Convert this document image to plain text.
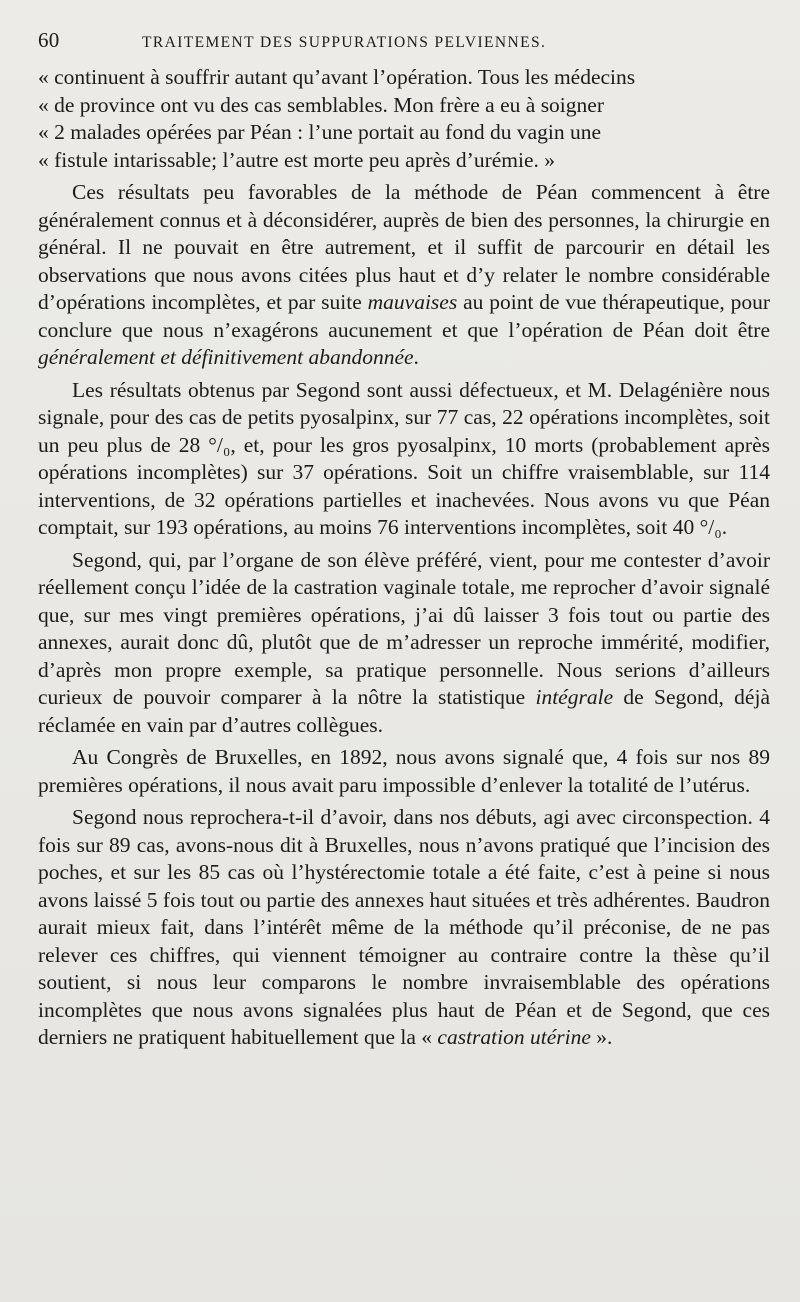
60	TRAITEMENT DES SUPPURATIONS PELVIENNES.

« continuent à souffrir autant qu’avant l’opération. Tous les médecins

« de province ont vu des cas semblables. Mon frère a eu à soigner

« 2 malades opérées par Péan : l’une portait au fond du vagin une

« fistule intarissable; l’autre est morte peu après d’urémie. »

Ces résultats peu favorables de la méthode de Péan commencent à être généralement connus et à déconsidérer, auprès de bien des personnes, la chirurgie en général. Il ne pouvait en être autrement, et il suffit de parcourir en détail les observations que nous avons citées plus haut et d’y relater le nombre considérable d’opérations incomplètes, et par suite mauvaises au point de vue thérapeutique, pour conclure que nous n’exagérons aucunement et que l’opération de Péan doit être généralement et définitivement abandonnée.

Les résultats obtenus par Segond sont aussi défectueux, et M. Delagénière nous signale, pour des cas de petits pyosalpinx, sur 77 cas, 22 opérations incomplètes, soit un peu plus de 28 °/₀, et, pour les gros pyosalpinx, 10 morts (probablement après opérations incomplètes) sur 37 opérations. Soit un chiffre vraisemblable, sur 114 interventions, de 32 opérations partielles et inachevées. Nous avons vu que Péan comptait, sur 193 opérations, au moins 76 interventions incomplètes, soit 40 °/₀.

Segond, qui, par l’organe de son élève préféré, vient, pour me contester d’avoir réellement conçu l’idée de la castration vaginale totale, me reprocher d’avoir signalé que, sur mes vingt premières opérations, j’ai dû laisser 3 fois tout ou partie des annexes, aurait donc dû, plutôt que de m’adresser un reproche immérité, modifier, d’après mon propre exemple, sa pratique personnelle. Nous serions d’ailleurs curieux de pouvoir comparer à la nôtre la statistique intégrale de Segond, déjà réclamée en vain par d’autres collègues.

Au Congrès de Bruxelles, en 1892, nous avons signalé que, 4 fois sur nos 89 premières opérations, il nous avait paru impossible d’enlever la totalité de l’utérus.

Segond nous reprochera-t-il d’avoir, dans nos débuts, agi avec circonspection. 4 fois sur 89 cas, avons-nous dit à Bruxelles, nous n’avons pratiqué que l’incision des poches, et sur les 85 cas où l’hystérectomie totale a été faite, c’est à peine si nous avons laissé 5 fois tout ou partie des annexes haut situées et très adhérentes. Baudron aurait mieux fait, dans l’intérêt même de la méthode qu’il préconise, de ne pas relever ces chiffres, qui viennent témoigner au contraire contre la thèse qu’il soutient, si nous leur comparons le nombre invraisemblable des opérations incomplètes que nous avons signalées plus haut de Péan et de Segond, que ces derniers ne pratiquent habituellement que la « castration utérine ».
